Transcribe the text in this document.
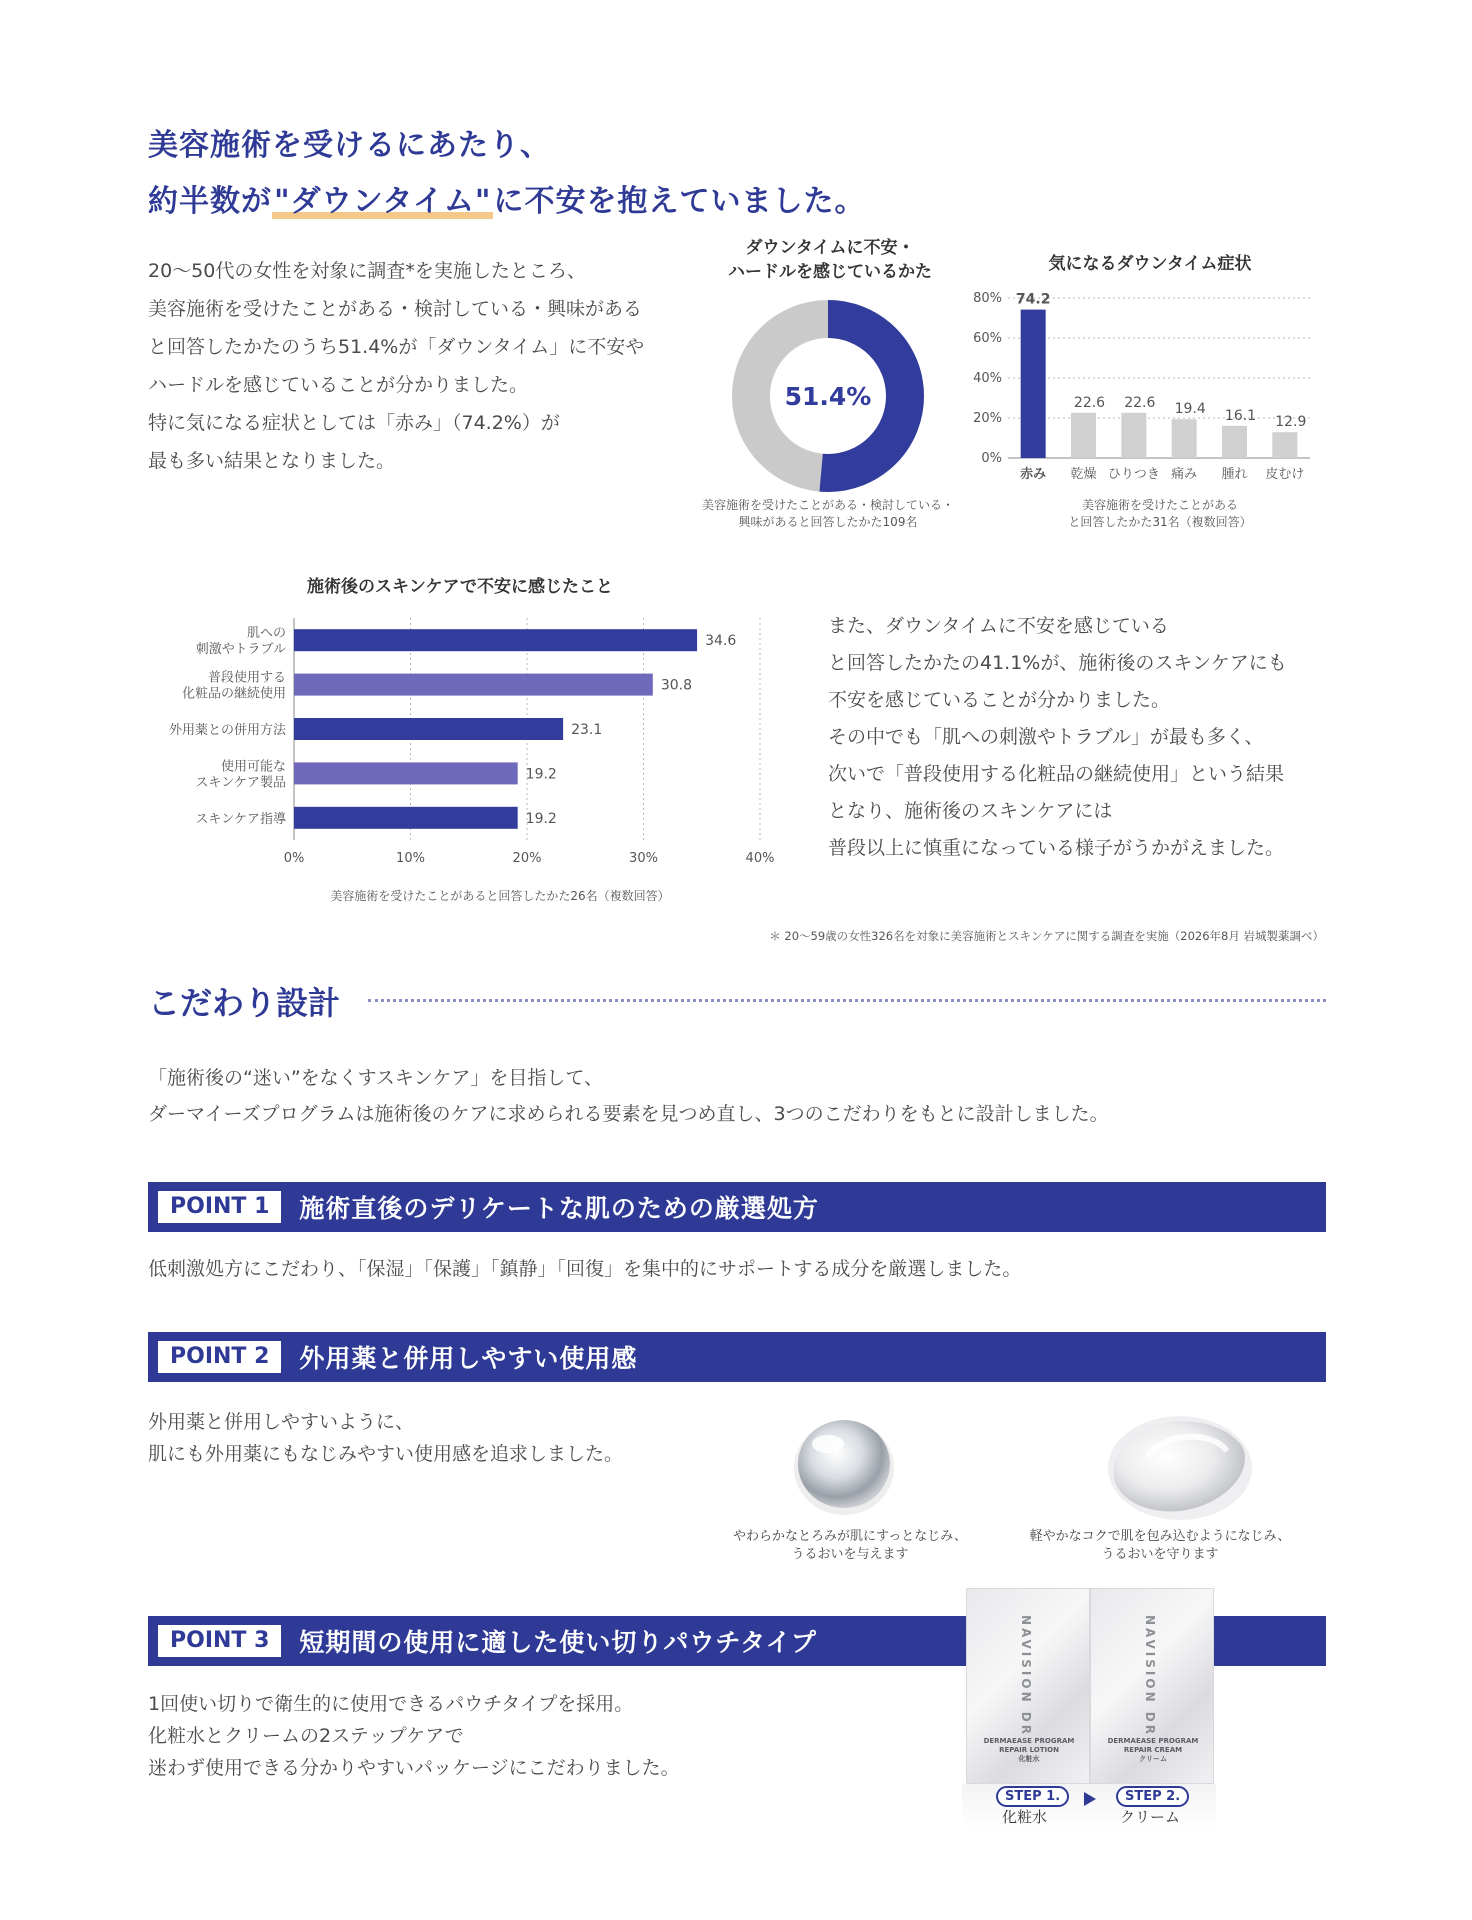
美容施術を受けるにあたり、
約半数が"ダウンタイム"に不安を抱えていました。
20～50代の女性を対象に調査*を実施したところ、
美容施術を受けたことがある・検討している・興味がある
と回答したかたのうち51.4%が「ダウンタイム」に不安や
ハードルを感じていることが分かりました。
特に気になる症状としては「赤み」（74.2%）が
最も多い結果となりました。
ダウンタイムに不安・
ハードルを感じているかた
51.4%
美容施術を受けたことがある・検討している・
興味があると回答したかた109名
気になるダウンタイム症状
0%
20%
40%
60%
80% 74.2
赤み
22.6
乾燥
22.6
ひりつき
19.4
痛み
16.1
腫れ
12.9
皮むけ
美容施術を受けたことがある
と回答したかた31名（複数回答）
施術後のスキンケアで不安に感じたこと
0%	10%	20%	30%	40%
34.6
肌への
刺激やトラブル
30.8
普段使用する
化粧品の継続使用
23.1
外用薬との併用方法
19.2
使用可能な
スキンケア製品
19.2
スキンケア指導
美容施術を受けたことがあると回答したかた26名（複数回答）
また、ダウンタイムに不安を感じている
と回答したかたの41.1%が、施術後のスキンケアにも
不安を感じていることが分かりました。
その中でも「肌への刺激やトラブル」が最も多く、
次いで「普段使用する化粧品の継続使用」という結果
となり、施術後のスキンケアには
普段以上に慎重になっている様子がうかがえました。
＊ 20～59歳の女性326名を対象に美容施術とスキンケアに関する調査を実施（2026年8月 岩城製薬調べ）
こだわり設計
「施術後の“迷い”をなくすスキンケア」を目指して、
ダーマイーズプログラムは施術後のケアに求められる要素を見つめ直し、3つのこだわりをもとに設計しました。
POINT 1	施術直後のデリケートな肌のための厳選処方
低刺激処方にこだわり、「保湿」「保護」「鎮静」「回復」を集中的にサポートする成分を厳選しました。
POINT 2	外用薬と併用しやすい使用感
外用薬と併用しやすいように、
肌にも外用薬にもなじみやすい使用感を追求しました。
やわらかなとろみが肌にすっとなじみ、
うるおいを与えます
軽やかなコクで肌を包み込むようになじみ、
うるおいを守ります
POINT 3	短期間の使用に適した使い切りパウチタイプ
1回使い切りで衛生的に使用できるパウチタイプを採用。
化粧水とクリームの2ステップケアで
迷わず使用できる分かりやすいパッケージにこだわりました。
NAVISION DR
DERMAEASE PROGRAM
REPAIR LOTION
化粧水
NAVISION DR
DERMAEASE PROGRAM
REPAIR CREAM
クリーム
STEP 1.
化粧水
STEP 2.
クリーム
